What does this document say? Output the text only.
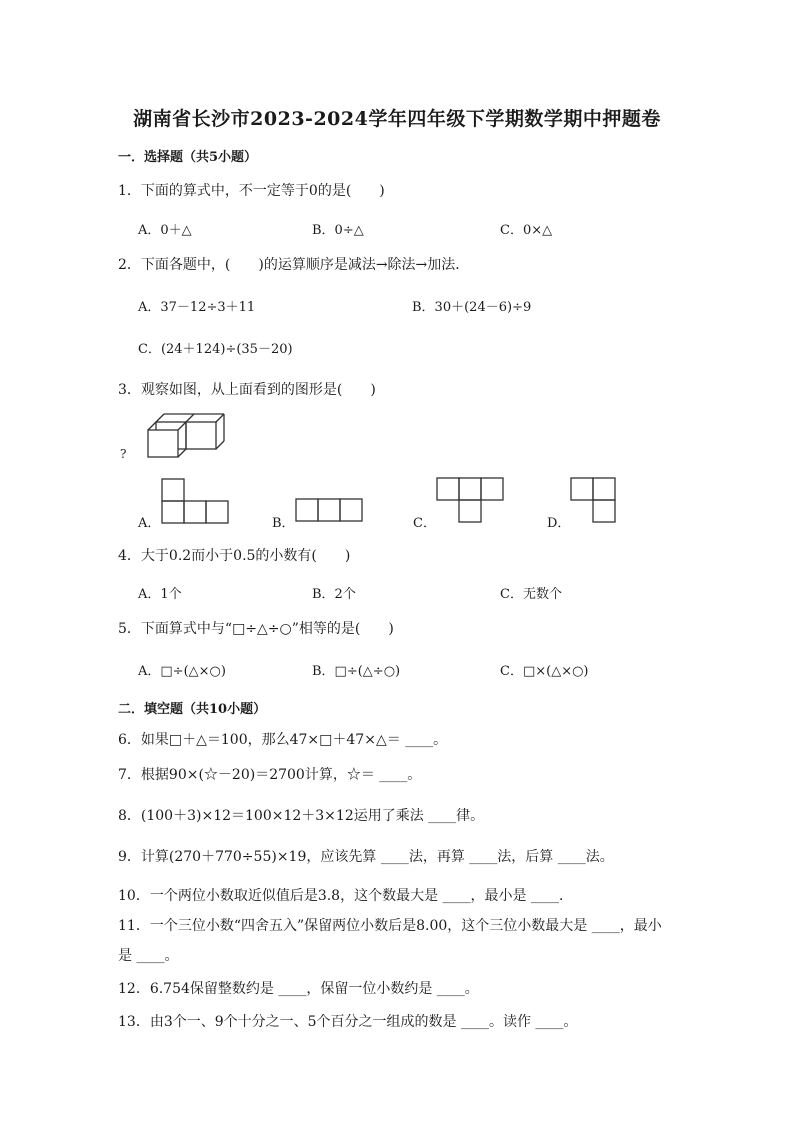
湖南省长沙市2023-2024学年四年级下学期数学期中押题卷
一．选择题（共5小题）
1．下面的算式中，不一定等于0的是(　　)
A．0＋△	B．0÷△	C．0×△
2．下面各题中，(　　)的运算顺序是减法→除法→加法．
A．37－12÷3＋11	B．30＋(24－6)÷9
C．(24＋124)÷(35－20)
3．观察如图，从上面看到的图形是(　　)
?
A．	B．	C．	D．
4．大于0.2而小于0.5的小数有(　　)
A．1个	B．2个	C．无数个
5．下面算式中与“□÷△÷○”相等的是(　　)
A．□÷(△×○)	B．□÷(△÷○)	C．□×(△×○)
二．填空题（共10小题）
6．如果□＋△＝100，那么47×□＋47×△＝ ____。
7．根据90×(☆－20)＝2700计算，☆＝ ____。
8．(100＋3)×12＝100×12＋3×12运用了乘法 ____律。
9．计算(270＋770÷55)×19，应该先算 ____法，再算 ____法，后算 ____法。
10．一个两位小数取近似值后是3.8，这个数最大是 ____，最小是 ____．
11．一个三位小数“四舍五入”保留两位小数后是8.00，这个三位小数最大是 ____，最小
是 ____。
12．6.754保留整数约是 ____，保留一位小数约是 ____。
13．由3个一、9个十分之一、5个百分之一组成的数是 ____。读作 ____。
